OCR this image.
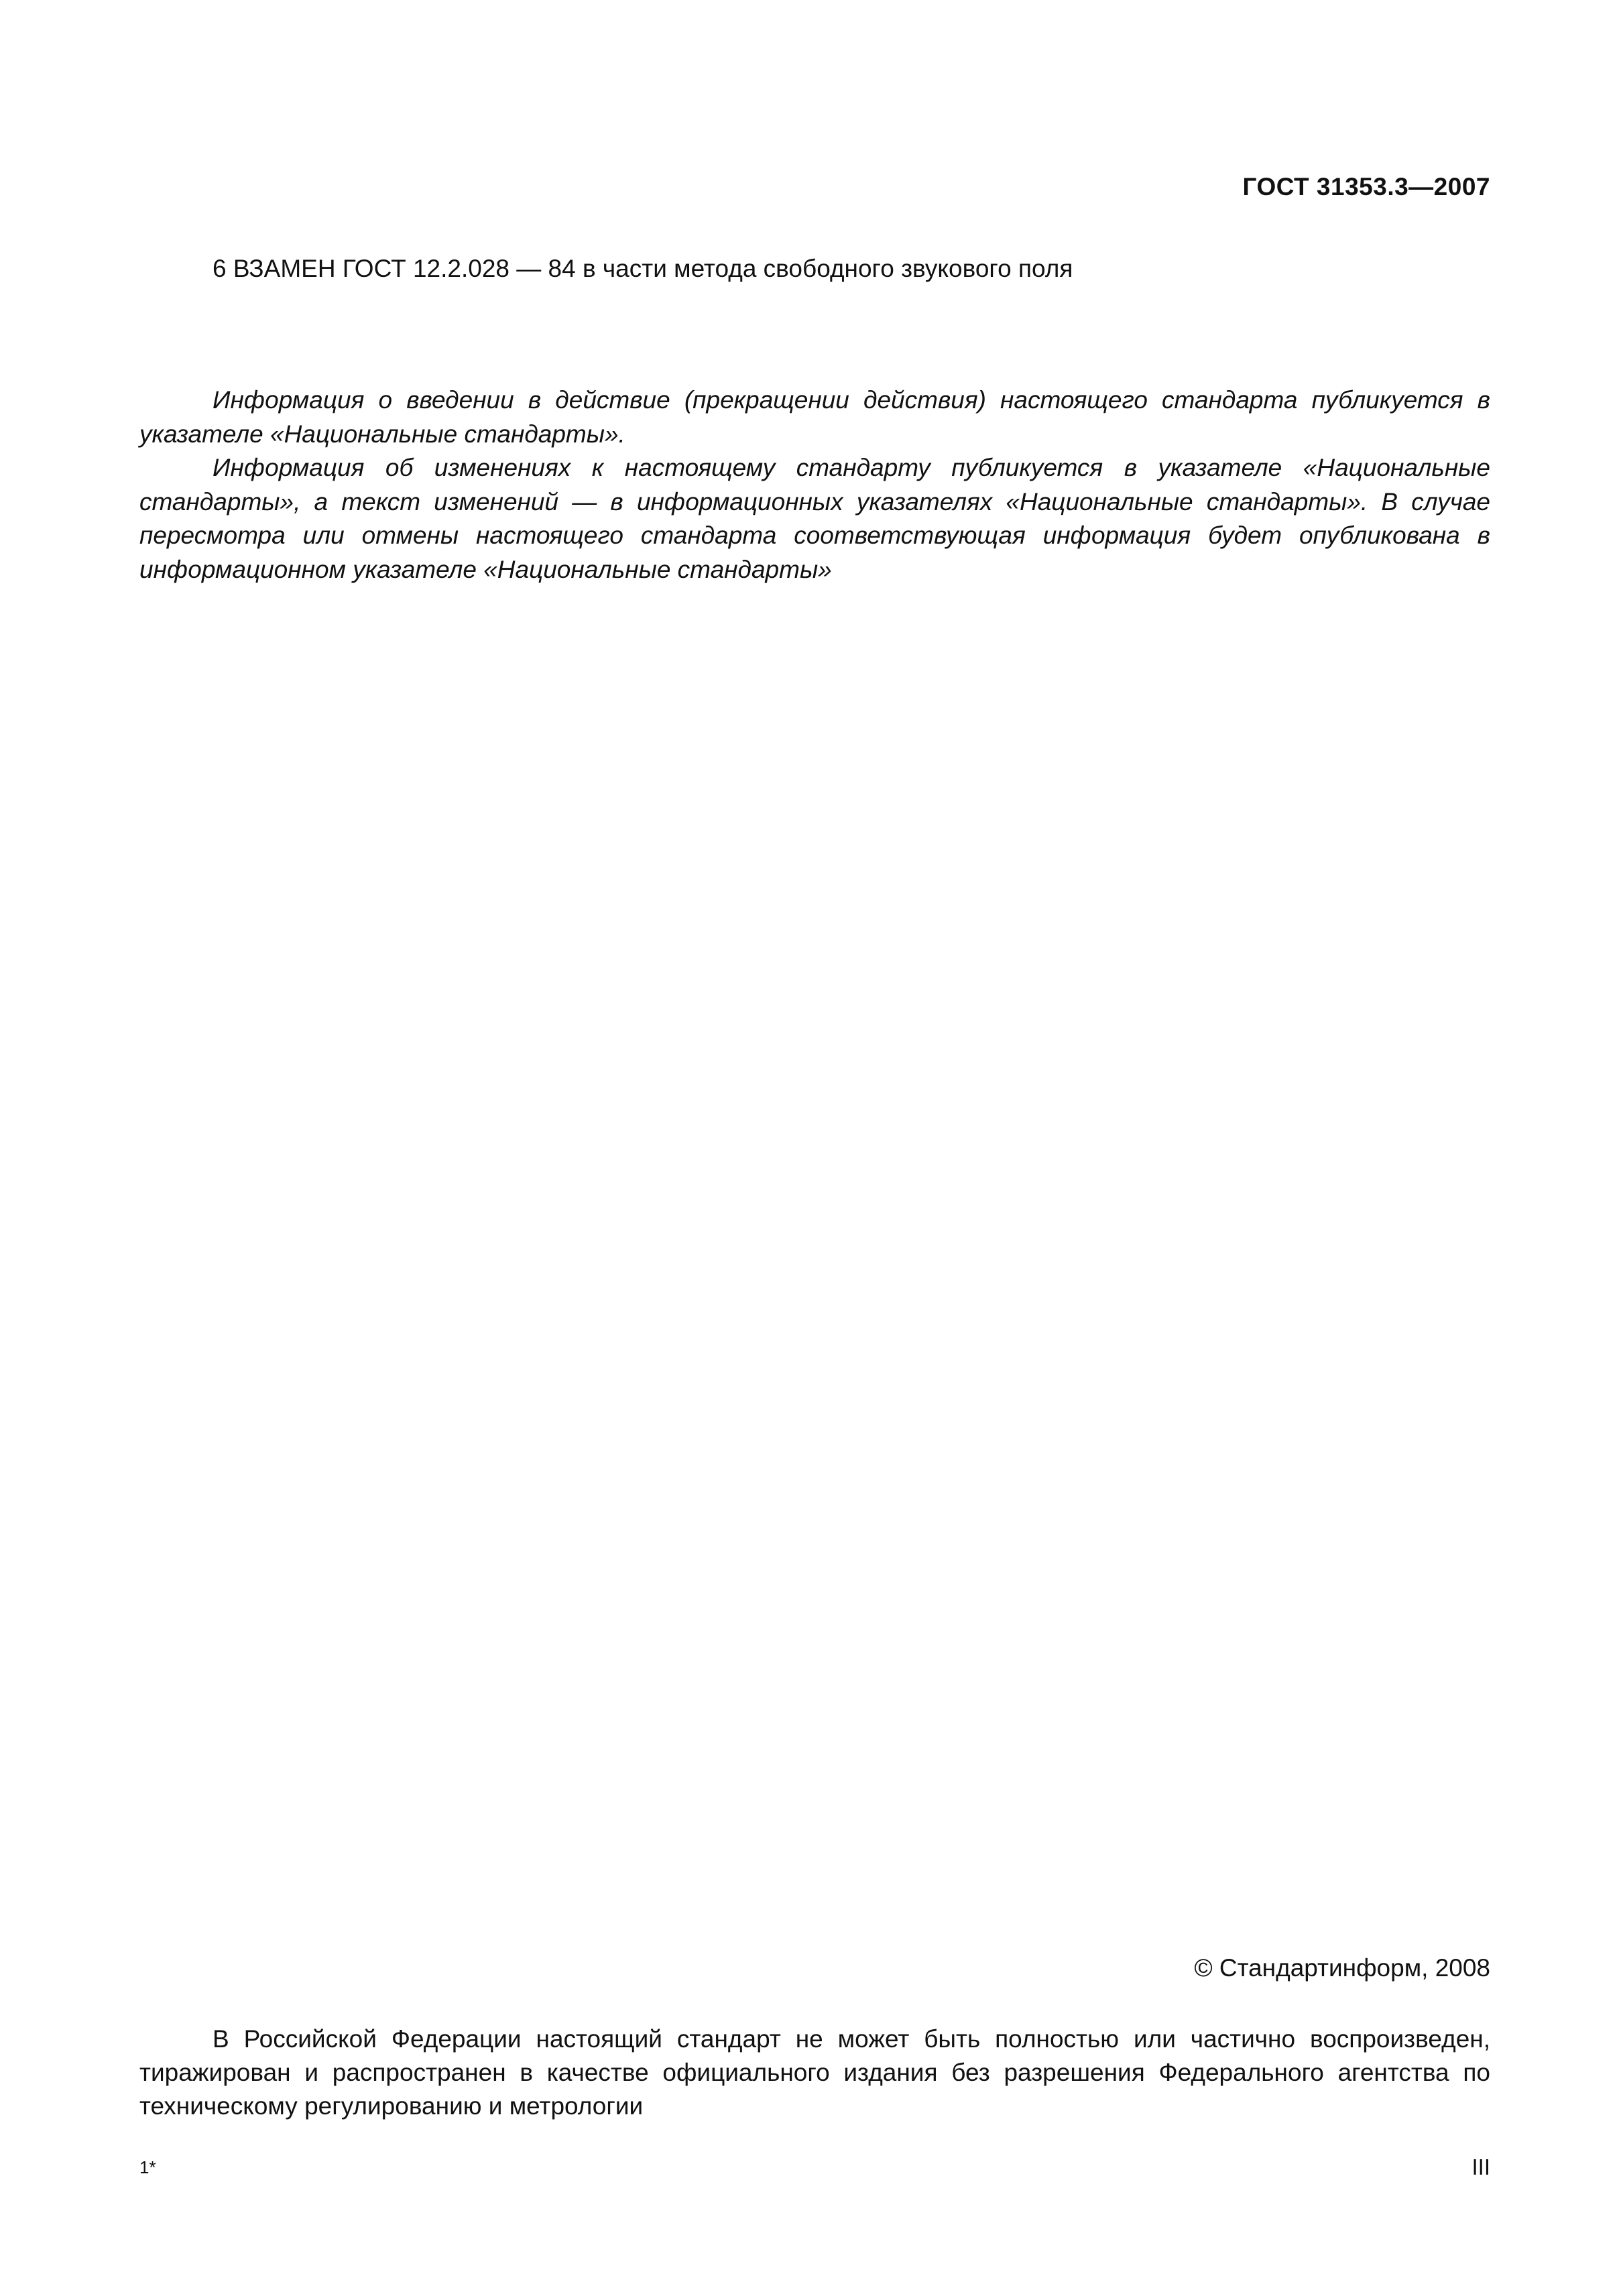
ГОСТ 31353.3—2007
6 ВЗАМЕН ГОСТ 12.2.028 — 84 в части метода свободного звукового поля

Информация о введении в действие (прекращении действия) настоящего стандарта публикуется в указателе «Национальные стандарты».

Информация об изменениях к настоящему стандарту публикуется в указателе «Национальные стандарты», а текст изменений — в информационных указателях «Национальные стандарты». В случае пересмотра или отмены настоящего стандарта соответствующая информация будет опубликована в информационном указателе «Национальные стандарты»

© Стандартинформ, 2008

В Российской Федерации настоящий стандарт не может быть полностью или частично воспроизведен, тиражирован и распространен в качестве официального издания без разрешения Федерального агентства по техническому регулированию и метрологии

1*	III
